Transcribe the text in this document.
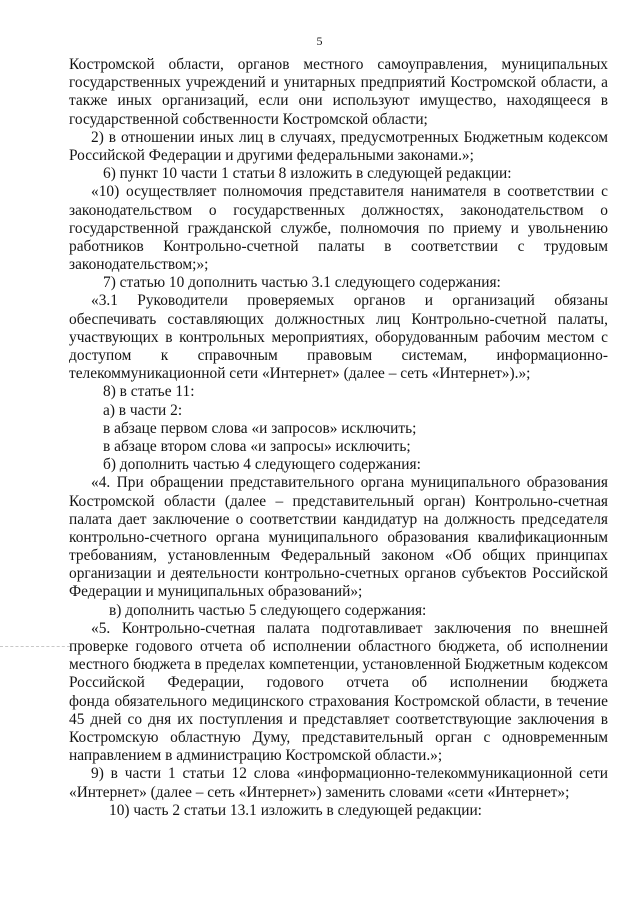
5
Костромской области, органов местного самоуправления, муниципальных
государственных учреждений и унитарных предприятий Костромской области, а
также иных организаций, если они используют имущество, находящееся в
государственной собственности Костромской области;
2) в отношении иных лиц в случаях, предусмотренных Бюджетным кодексом
Российской Федерации и другими федеральными законами.»;
6) пункт 10 части 1 статьи 8 изложить в следующей редакции:
«10) осуществляет полномочия представителя нанимателя в соответствии с
законодательством о государственных должностях, законодательством о
государственной гражданской службе, полномочия по приему и увольнению
работников Контрольно-счетной палаты в соответствии с трудовым
законодательством;»;
7) статью 10 дополнить частью 3.1 следующего содержания:
«3.1 Руководители проверяемых органов и организаций обязаны
обеспечивать составляющих должностных лиц Контрольно-счетной палаты,
участвующих в контрольных мероприятиях, оборудованным рабочим местом с
доступом к справочным правовым системам, информационно-
телекоммуникационной сети «Интернет» (далее – сеть «Интернет»).»;
8) в статье 11:
а) в части 2:
в абзаце первом слова «и запросов» исключить;
в абзаце втором слова «и запросы» исключить;
б) дополнить частью 4 следующего содержания:
«4. При обращении представительного органа муниципального образования
Костромской области (далее – представительный орган) Контрольно-счетная
палата дает заключение о соответствии кандидатур на должность председателя
контрольно-счетного органа муниципального образования квалификационным
требованиям, установленным Федеральный законом «Об общих принципах
организации и деятельности контрольно-счетных органов субъектов Российской
Федерации и муниципальных образований»;
в) дополнить частью 5 следующего содержания:
«5. Контрольно-счетная палата подготавливает заключения по внешней
проверке годового отчета об исполнении областного бюджета, об исполнении
местного бюджета в пределах компетенции, установленной Бюджетным кодексом
Российской Федерации, годового отчета об исполнении бюджета
фонда обязательного медицинского страхования Костромской области, в течение
45 дней со дня их поступления и представляет соответствующие заключения в
Костромскую областную Думу, представительный орган с одновременным
направлением в администрацию Костромской области.»;
9) в части 1 статьи 12 слова «информационно-телекоммуникационной сети
«Интернет» (далее – сеть «Интернет») заменить словами «сети «Интернет»;
10) часть 2 статьи 13.1 изложить в следующей редакции:
